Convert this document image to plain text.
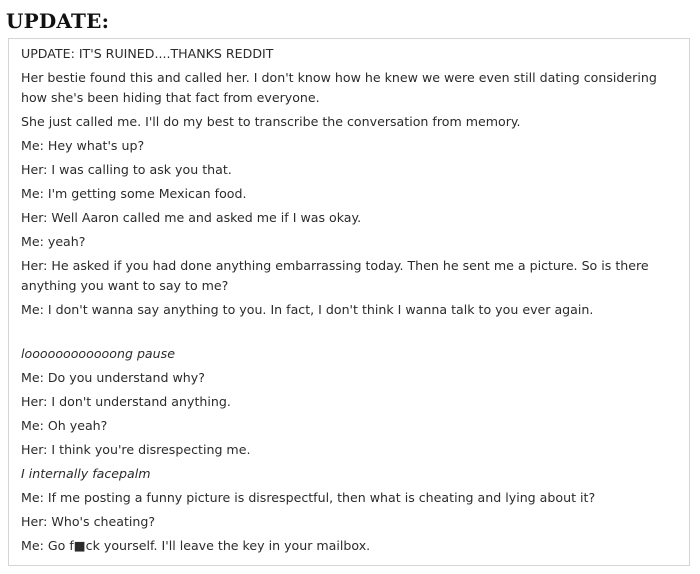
UPDATE:
UPDATE: IT'S RUINED....THANKS REDDIT
Her bestie found this and called her. I don't know how he knew we were even still dating considering how she's been hiding that fact from everyone.
She just called me. I'll do my best to transcribe the conversation from memory.
Me: Hey what's up?
Her: I was calling to ask you that.
Me: I'm getting some Mexican food.
Her: Well Aaron called me and asked me if I was okay.
Me: yeah?
Her: He asked if you had done anything embarrassing today. Then he sent me a picture. So is there anything you want to say to me?
Me: I don't wanna say anything to you. In fact, I don't think I wanna talk to you ever again.
loooooooooooong pause
Me: Do you understand why?
Her: I don't understand anything.
Me: Oh yeah?
Her: I think you're disrespecting me.
I internally facepalm
Me: If me posting a funny picture is disrespectful, then what is cheating and lying about it?
Her: Who's cheating?
Me: Go f■ck yourself. I'll leave the key in your mailbox.
